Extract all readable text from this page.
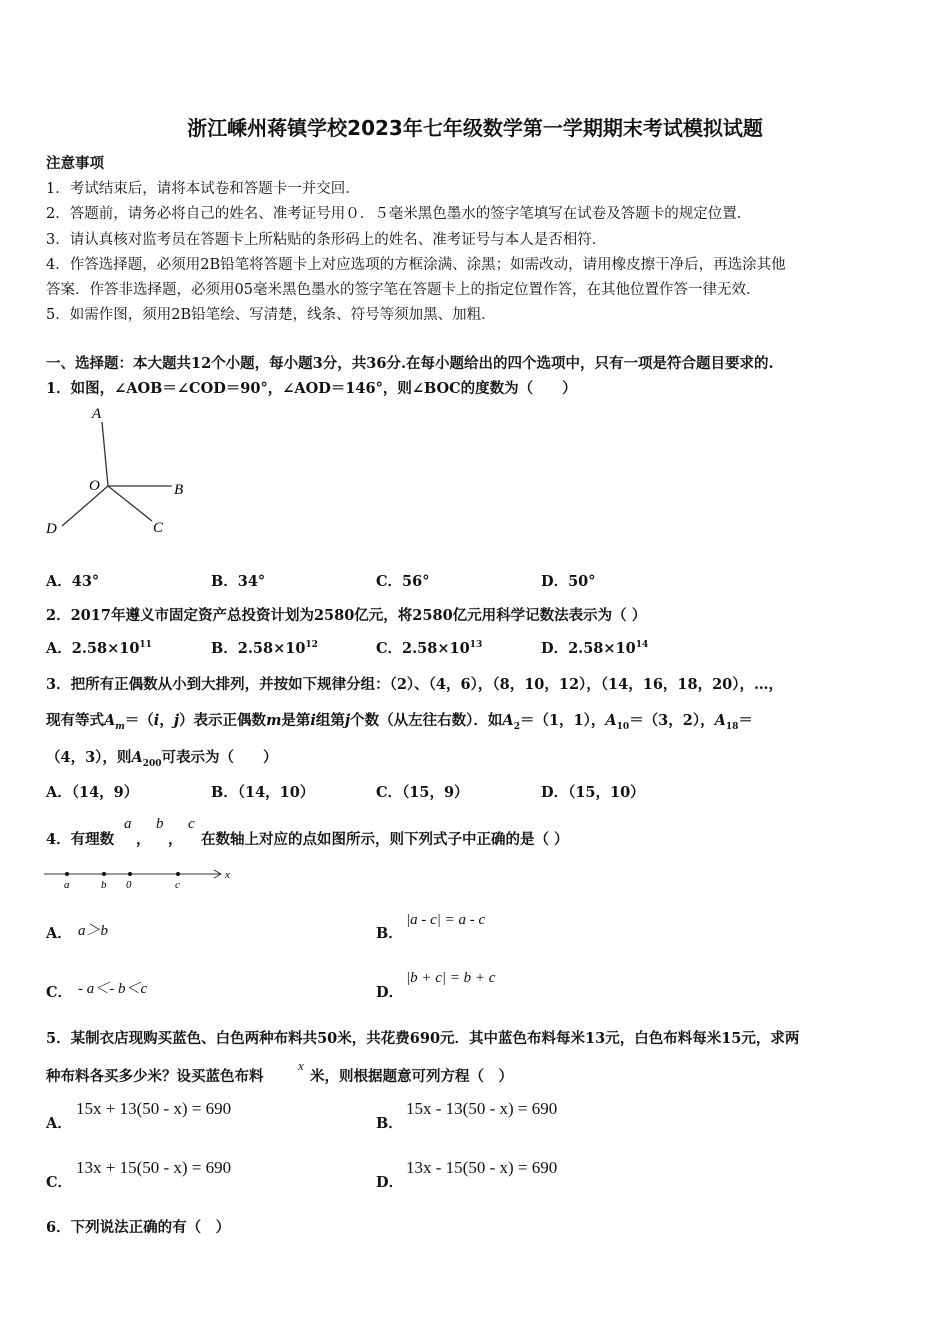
浙江嵊州蒋镇学校2023年七年级数学第一学期期末考试模拟试题
注意事项
1．考试结束后，请将本试卷和答题卡一并交回．
2．答题前，请务必将自己的姓名、准考证号用０．５毫米黑色墨水的签字笔填写在试卷及答题卡的规定位置．
3．请认真核对监考员在答题卡上所粘贴的条形码上的姓名、准考证号与本人是否相符．
4．作答选择题，必须用2B铅笔将答题卡上对应选项的方框涂满、涂黑；如需改动，请用橡皮擦干净后，再选涂其他
答案．作答非选择题，必须用05毫米黑色墨水的签字笔在答题卡上的指定位置作答，在其他位置作答一律无效．
5．如需作图，须用2B铅笔绘、写清楚，线条、符号等须加黑、加粗．
一、选择题：本大题共12个小题，每小题3分，共36分.在每小题给出的四个选项中，只有一项是符合题目要求的.
1．如图，∠AOB＝∠COD＝90°，∠AOD＝146°，则∠BOC的度数为（　　）
A
O	B
C
D
A．43°	B．34°	C．56°	D．50°
2．2017年遵义市固定资产总投资计划为2580亿元，将2580亿元用科学记数法表示为（ ）
A．$2.58\times 10^{11}$	B．$2.58\times 10^{12}$	C．$2.58\times 10^{13}$	D．$2.58\times 10^{14}$
3．把所有正偶数从小到大排列，并按如下规律分组：（2）、（4，6），（8，10，12），（14，16，18，20），…，
现有等式$A_m=(i$，j）表示正偶数m是第i组第j个数（从左往右数）．如$A_2=(1$，1），$A_{10}=(3$，2），$A_{18}=$
（4，3），则$A_{200}$可表示为（　　）
A．（14，9）	B．（14，10）	C．（15，9）	D．（15，10）
4．有理数
a
，
b
，
c
在数轴上对应的点如图所示，则下列式子中正确的是（ ）
a	b 0	c
x
A． a＞b	B．
|a - c| = a - c
C． - a＜- b＜c	D．
|b + c| = b + c
5．某制衣店现购买蓝色、白色两种布料共50米，共花费690元．其中蓝色布料每米13元，白色布料每米15元，求两
种布料各买多少米？设买蓝色布料
x
米，则根据题意可列方程（　）
A．
15x + 13(50 - x) = 690
B．
15x - 13(50 - x) = 690
C．
13x + 15(50 - x) = 690
D．
13x - 15(50 - x) = 690
6．下列说法正确的有（　）
